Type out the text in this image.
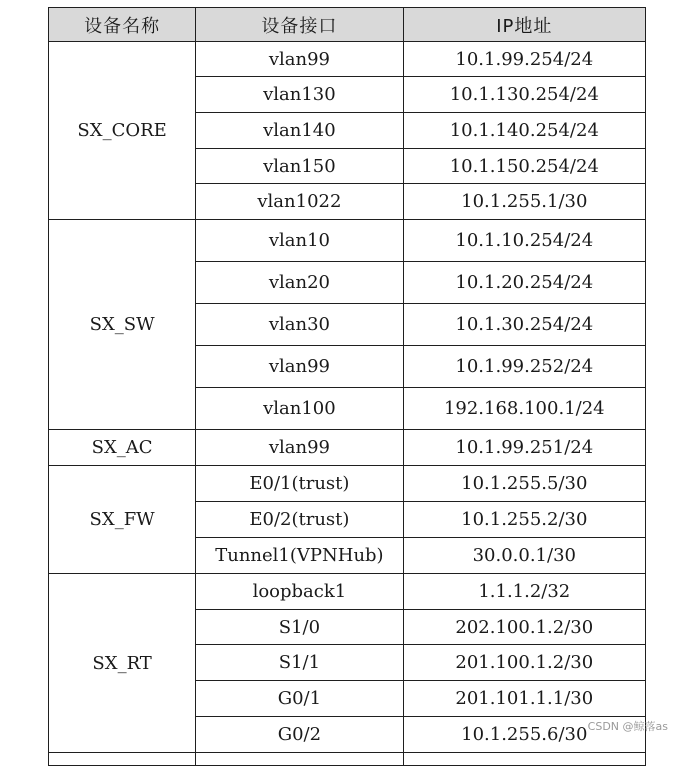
设备名称	设备接口	IP地址
SX_CORE	vlan99	10.1.99.254/24
	vlan130	10.1.130.254/24
	vlan140	10.1.140.254/24
	vlan150	10.1.150.254/24
	vlan1022	10.1.255.1/30
SX_SW	vlan10	10.1.10.254/24
	vlan20	10.1.20.254/24
	vlan30	10.1.30.254/24
	vlan99	10.1.99.252/24
	vlan100	192.168.100.1/24
SX_AC	vlan99	10.1.99.251/24
SX_FW	E0/1(trust)	10.1.255.5/30
	E0/2(trust)	10.1.255.2/30
	Tunnel1(VPNHub)	30.0.0.1/30
SX_RT	loopback1	1.1.1.2/32
	S1/0	202.100.1.2/30
	S1/1	201.100.1.2/30
	G0/1	201.101.1.1/30
	G0/2	10.1.255.6/30
		CSDN @鲸落as
